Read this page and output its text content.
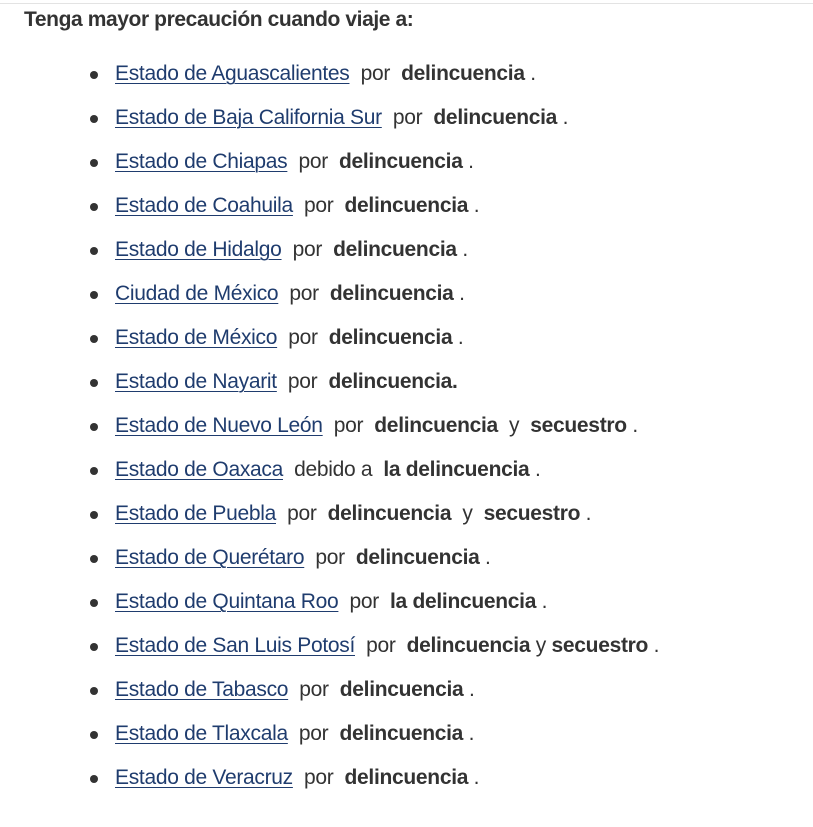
Tenga mayor precaución cuando viaje a:
Estado de Aguascalientes por delincuencia .
Estado de Baja California Sur por delincuencia .
Estado de Chiapas por delincuencia .
Estado de Coahuila por delincuencia .
Estado de Hidalgo por delincuencia .
Ciudad de México por delincuencia .
Estado de México por delincuencia .
Estado de Nayarit por delincuencia.
Estado de Nuevo León por delincuencia y secuestro .
Estado de Oaxaca debido a la delincuencia .
Estado de Puebla por delincuencia y secuestro .
Estado de Querétaro por delincuencia .
Estado de Quintana Roo por la delincuencia .
Estado de San Luis Potosí por delincuencia y secuestro .
Estado de Tabasco por delincuencia .
Estado de Tlaxcala por delincuencia .
Estado de Veracruz por delincuencia .
